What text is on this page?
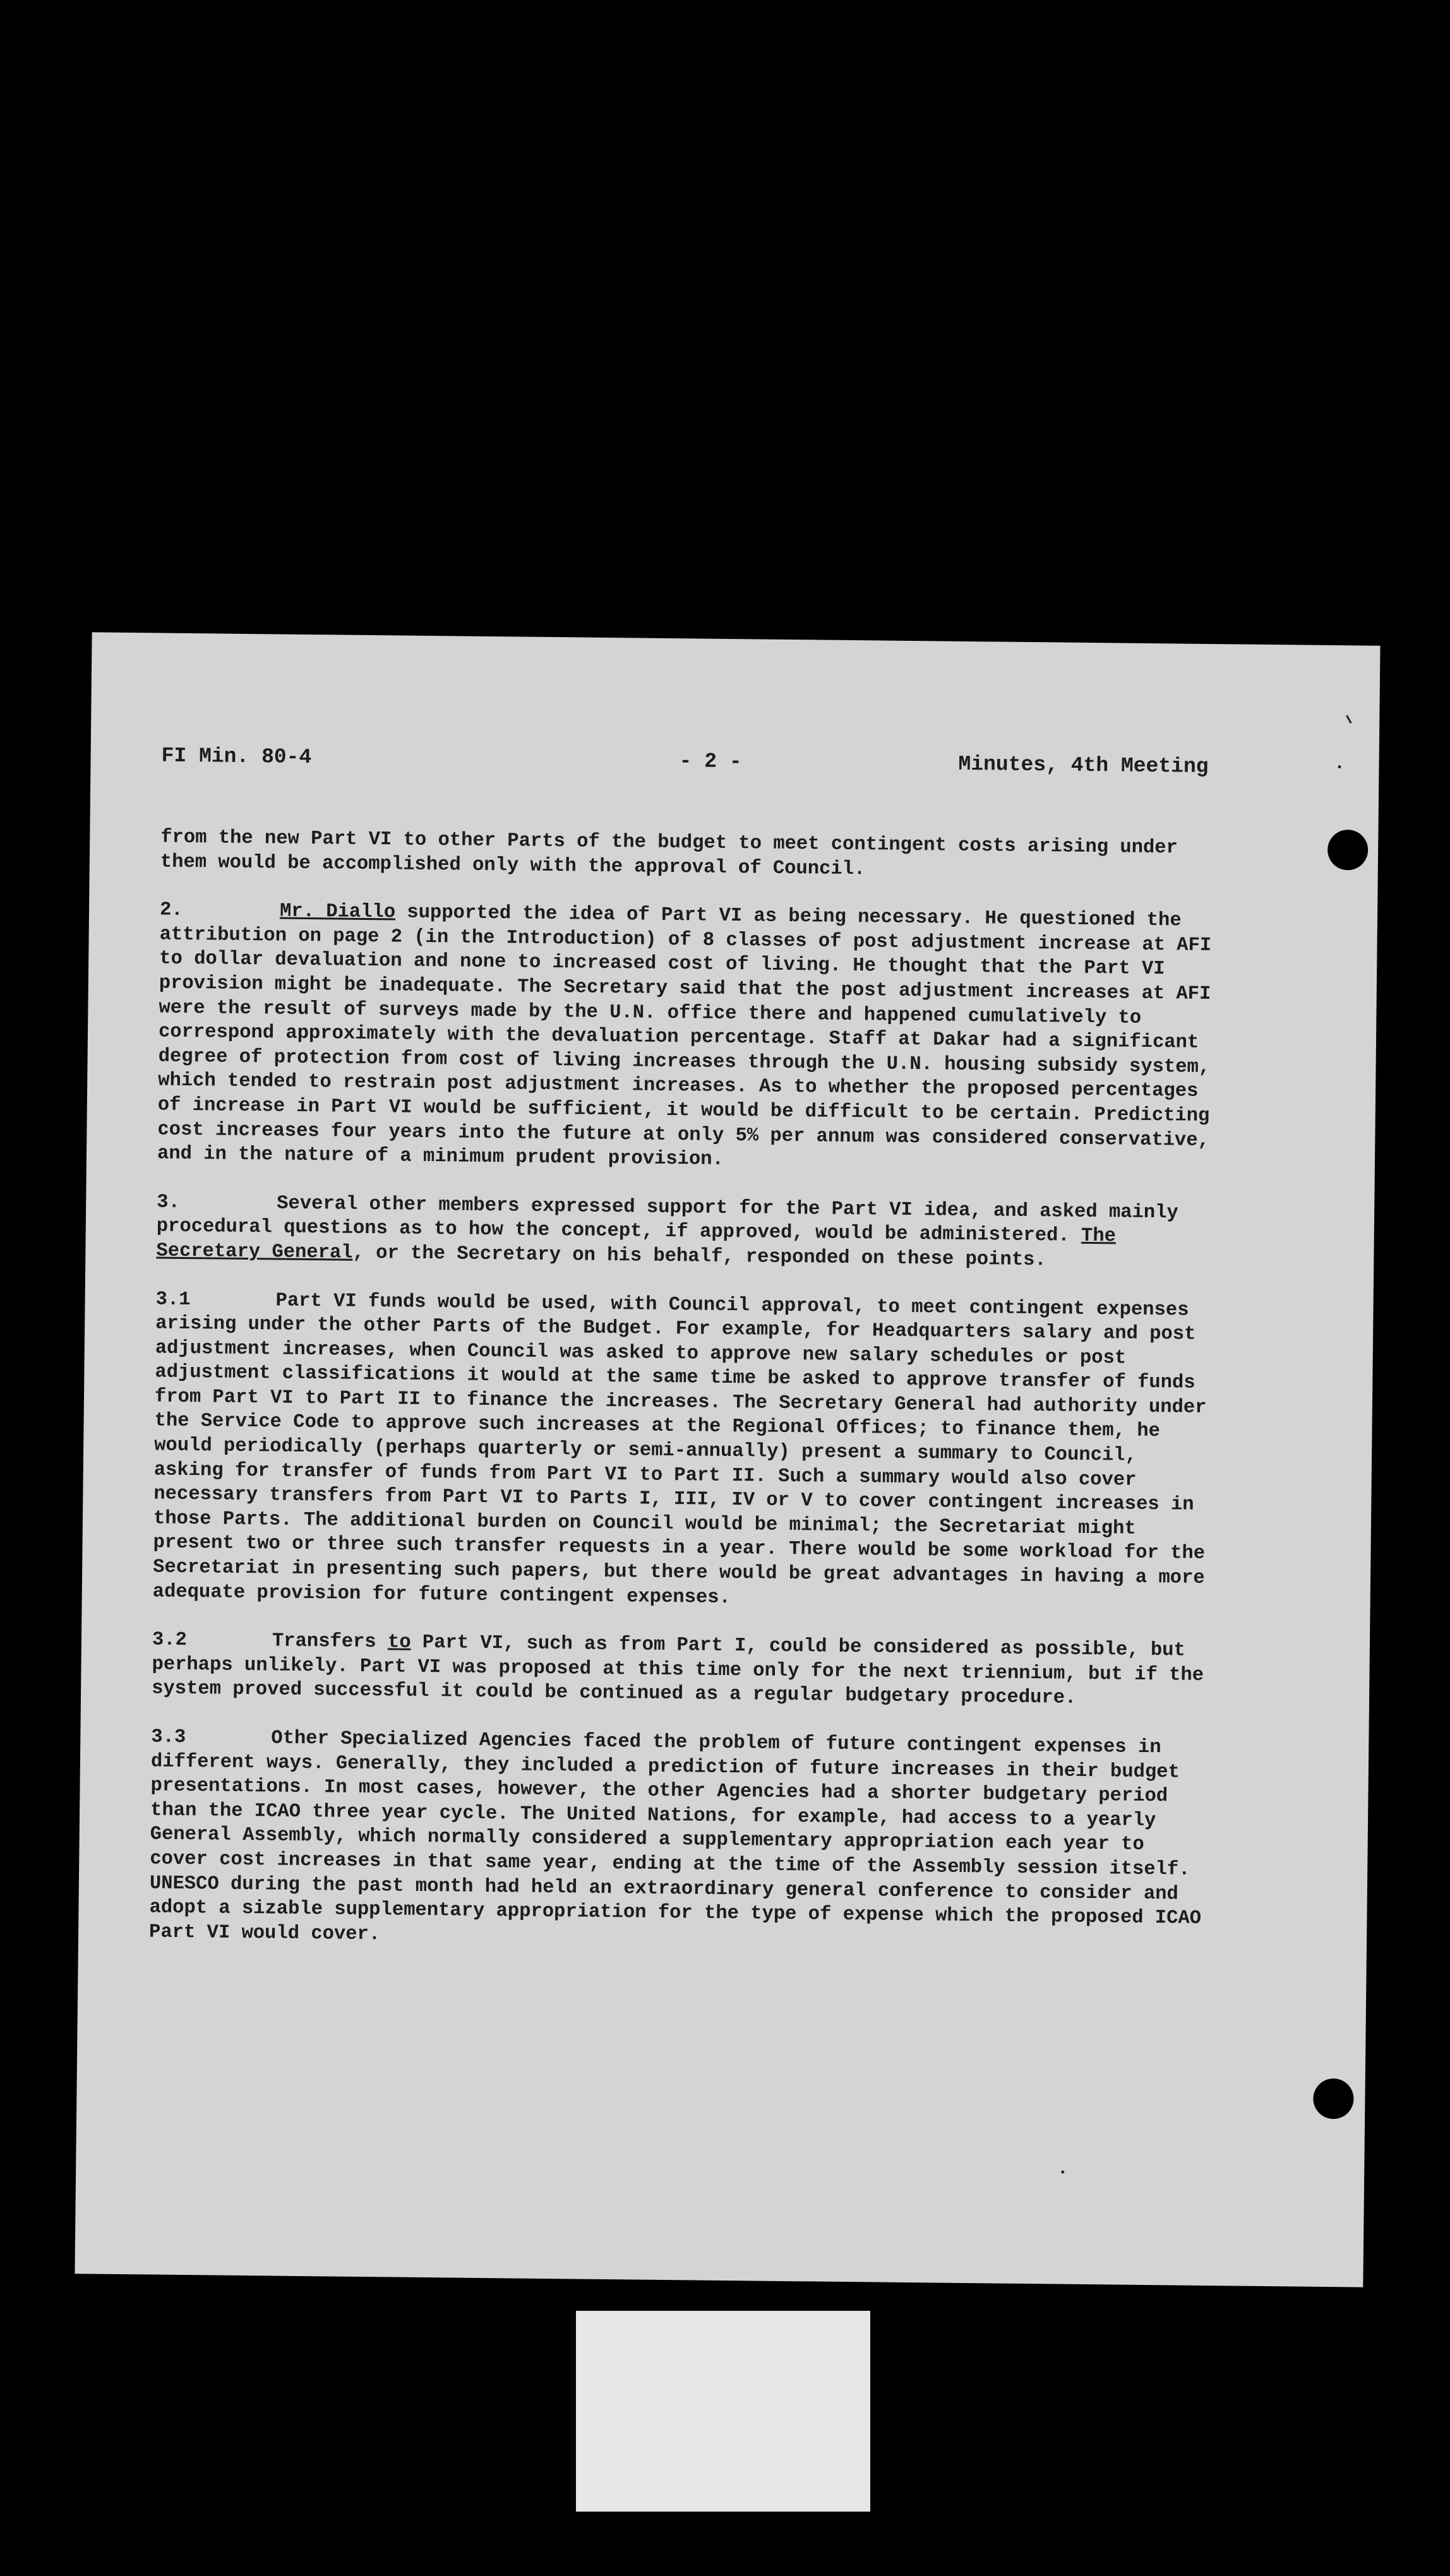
FI Min. 80-4	- 2 -	Minutes, 4th Meeting

from the new Part VI to other Parts of the budget to meet contingent costs arising under them would be accomplished only with the approval of Council.

2.	Mr. Diallo supported the idea of Part VI as being necessary. He questioned the attribution on page 2 (in the Introduction) of 8 classes of post adjustment increase at AFI to dollar devaluation and none to increased cost of living. He thought that the Part VI provision might be inadequate. The Secretary said that the post adjustment increases at AFI were the result of surveys made by the U.N. office there and happened cumulatively to correspond approximately with the devaluation percentage. Staff at Dakar had a significant degree of protection from cost of living increases through the U.N. housing subsidy system, which tended to restrain post adjustment increases. As to whether the proposed percentages of increase in Part VI would be sufficient, it would be difficult to be certain. Predicting cost increases four years into the future at only 5% per annum was considered conservative, and in the nature of a minimum prudent provision.

3.	Several other members expressed support for the Part VI idea, and asked mainly procedural questions as to how the concept, if approved, would be administered. The Secretary General, or the Secretary on his behalf, responded on these points.

3.1	Part VI funds would be used, with Council approval, to meet contingent expenses arising under the other Parts of the Budget. For example, for Headquarters salary and post adjustment increases, when Council was asked to approve new salary schedules or post adjustment classifications it would at the same time be asked to approve transfer of funds from Part VI to Part II to finance the increases. The Secretary General had authority under the Service Code to approve such increases at the Regional Offices; to finance them, he would periodically (perhaps quarterly or semi-annually) present a summary to Council, asking for transfer of funds from Part VI to Part II. Such a summary would also cover necessary transfers from Part VI to Parts I, III, IV or V to cover contingent increases in those Parts. The additional burden on Council would be minimal; the Secretariat might present two or three such transfer requests in a year. There would be some workload for the Secretariat in presenting such papers, but there would be great advantages in having a more adequate provision for future contingent expenses.

3.2	Transfers to Part VI, such as from Part I, could be considered as possible, but perhaps unlikely. Part VI was proposed at this time only for the next triennium, but if the system proved successful it could be continued as a regular budgetary procedure.

3.3	Other Specialized Agencies faced the problem of future contingent expenses in different ways. Generally, they included a prediction of future increases in their budget presentations. In most cases, however, the other Agencies had a shorter budgetary period than the ICAO three year cycle. The United Nations, for example, had access to a yearly General Assembly, which normally considered a supplementary appropriation each year to cover cost increases in that same year, ending at the time of the Assembly session itself. UNESCO during the past month had held an extraordinary general conference to consider and adopt a sizable supplementary appropriation for the type of expense which the proposed ICAO Part VI would cover.
